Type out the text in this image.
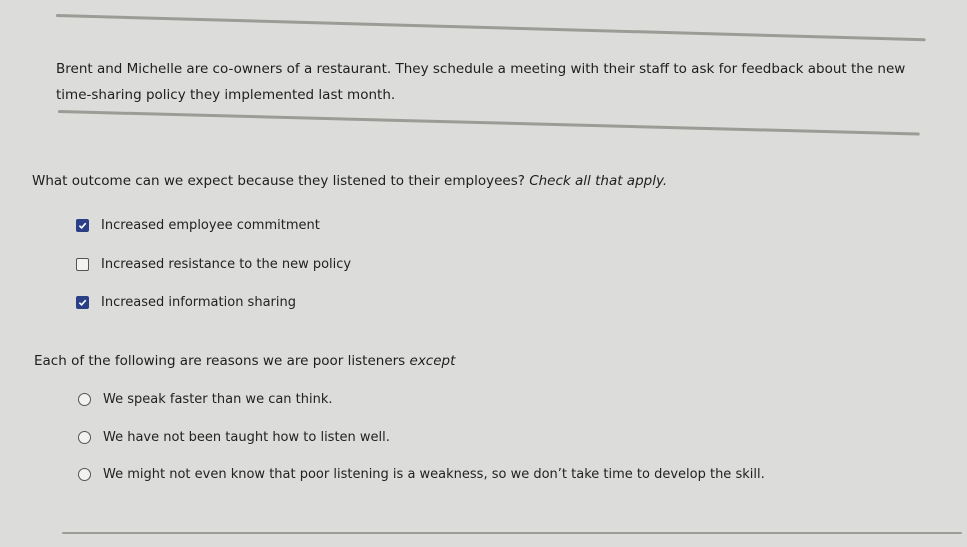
Brent and Michelle are co-owners of a restaurant. They schedule a meeting with their staff to ask for feedback about the new time-sharing policy they implemented last month.
What outcome can we expect because they listened to their employees? Check all that apply.
Increased employee commitment
Increased resistance to the new policy
Increased information sharing
Each of the following are reasons we are poor listeners except
We speak faster than we can think.
We have not been taught how to listen well.
We might not even know that poor listening is a weakness, so we don’t take time to develop the skill.
